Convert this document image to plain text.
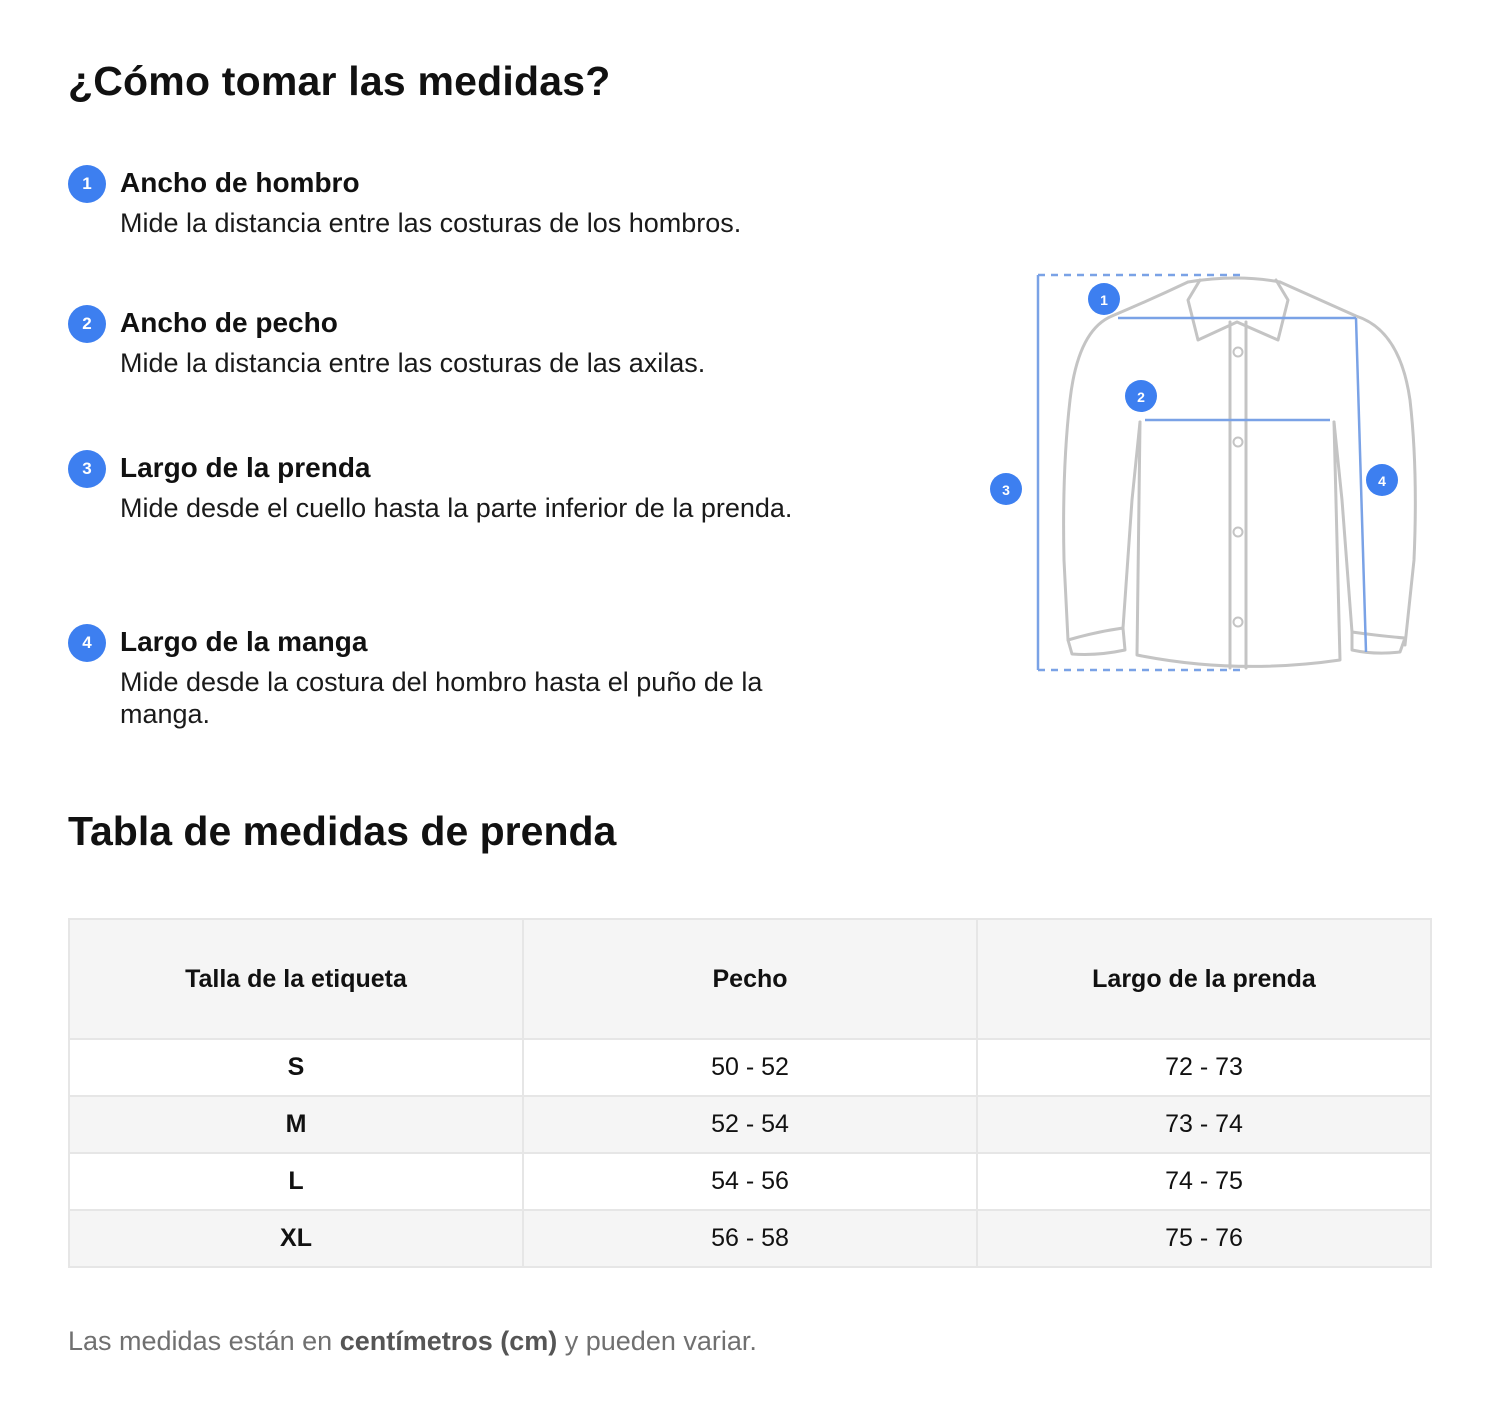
¿Cómo tomar las medidas?
1	Ancho de hombro
Mide la distancia entre las costuras de los hombros.
2	Ancho de pecho
Mide la distancia entre las costuras de las axilas.
3	Largo de la prenda
Mide desde el cuello hasta la parte inferior de la prenda.
4	Largo de la manga
Mide desde la costura del hombro hasta el puño de la manga.
1
2
3
4
Tabla de medidas de prenda
Talla de la etiqueta	Pecho	Largo de la prenda
S	50 - 52	72 - 73
M	52 - 54	73 - 74
L	54 - 56	74 - 75
XL	56 - 58	75 - 76
Las medidas están en centímetros (cm) y pueden variar.
